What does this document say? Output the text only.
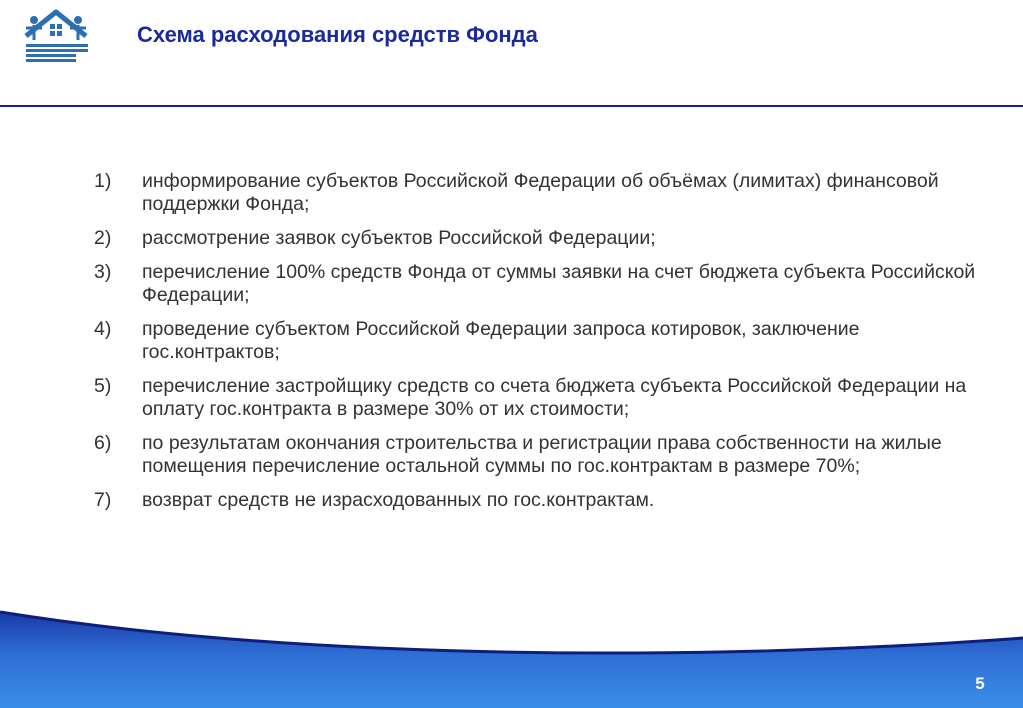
Схема расходования средств Фонда
1)	информирование субъектов Российской Федерации об объёмах (лимитах) финансовой поддержки Фонда;
2)	рассмотрение заявок субъектов Российской Федерации;
3)	перечисление 100% средств Фонда от суммы заявки на счет бюджета субъекта Российской Федерации;
4)	проведение субъектом Российской Федерации запроса котировок, заключение гос.контрактов;
5)	перечисление застройщику средств со счета бюджета субъекта Российской Федерации на оплату гос.контракта в размере 30% от их стоимости;
6)	по результатам окончания строительства и регистрации права собственности на жилые помещения перечисление остальной суммы по гос.контрактам в размере 70%;
7)	возврат средств не израсходованных по гос.контрактам.
5
